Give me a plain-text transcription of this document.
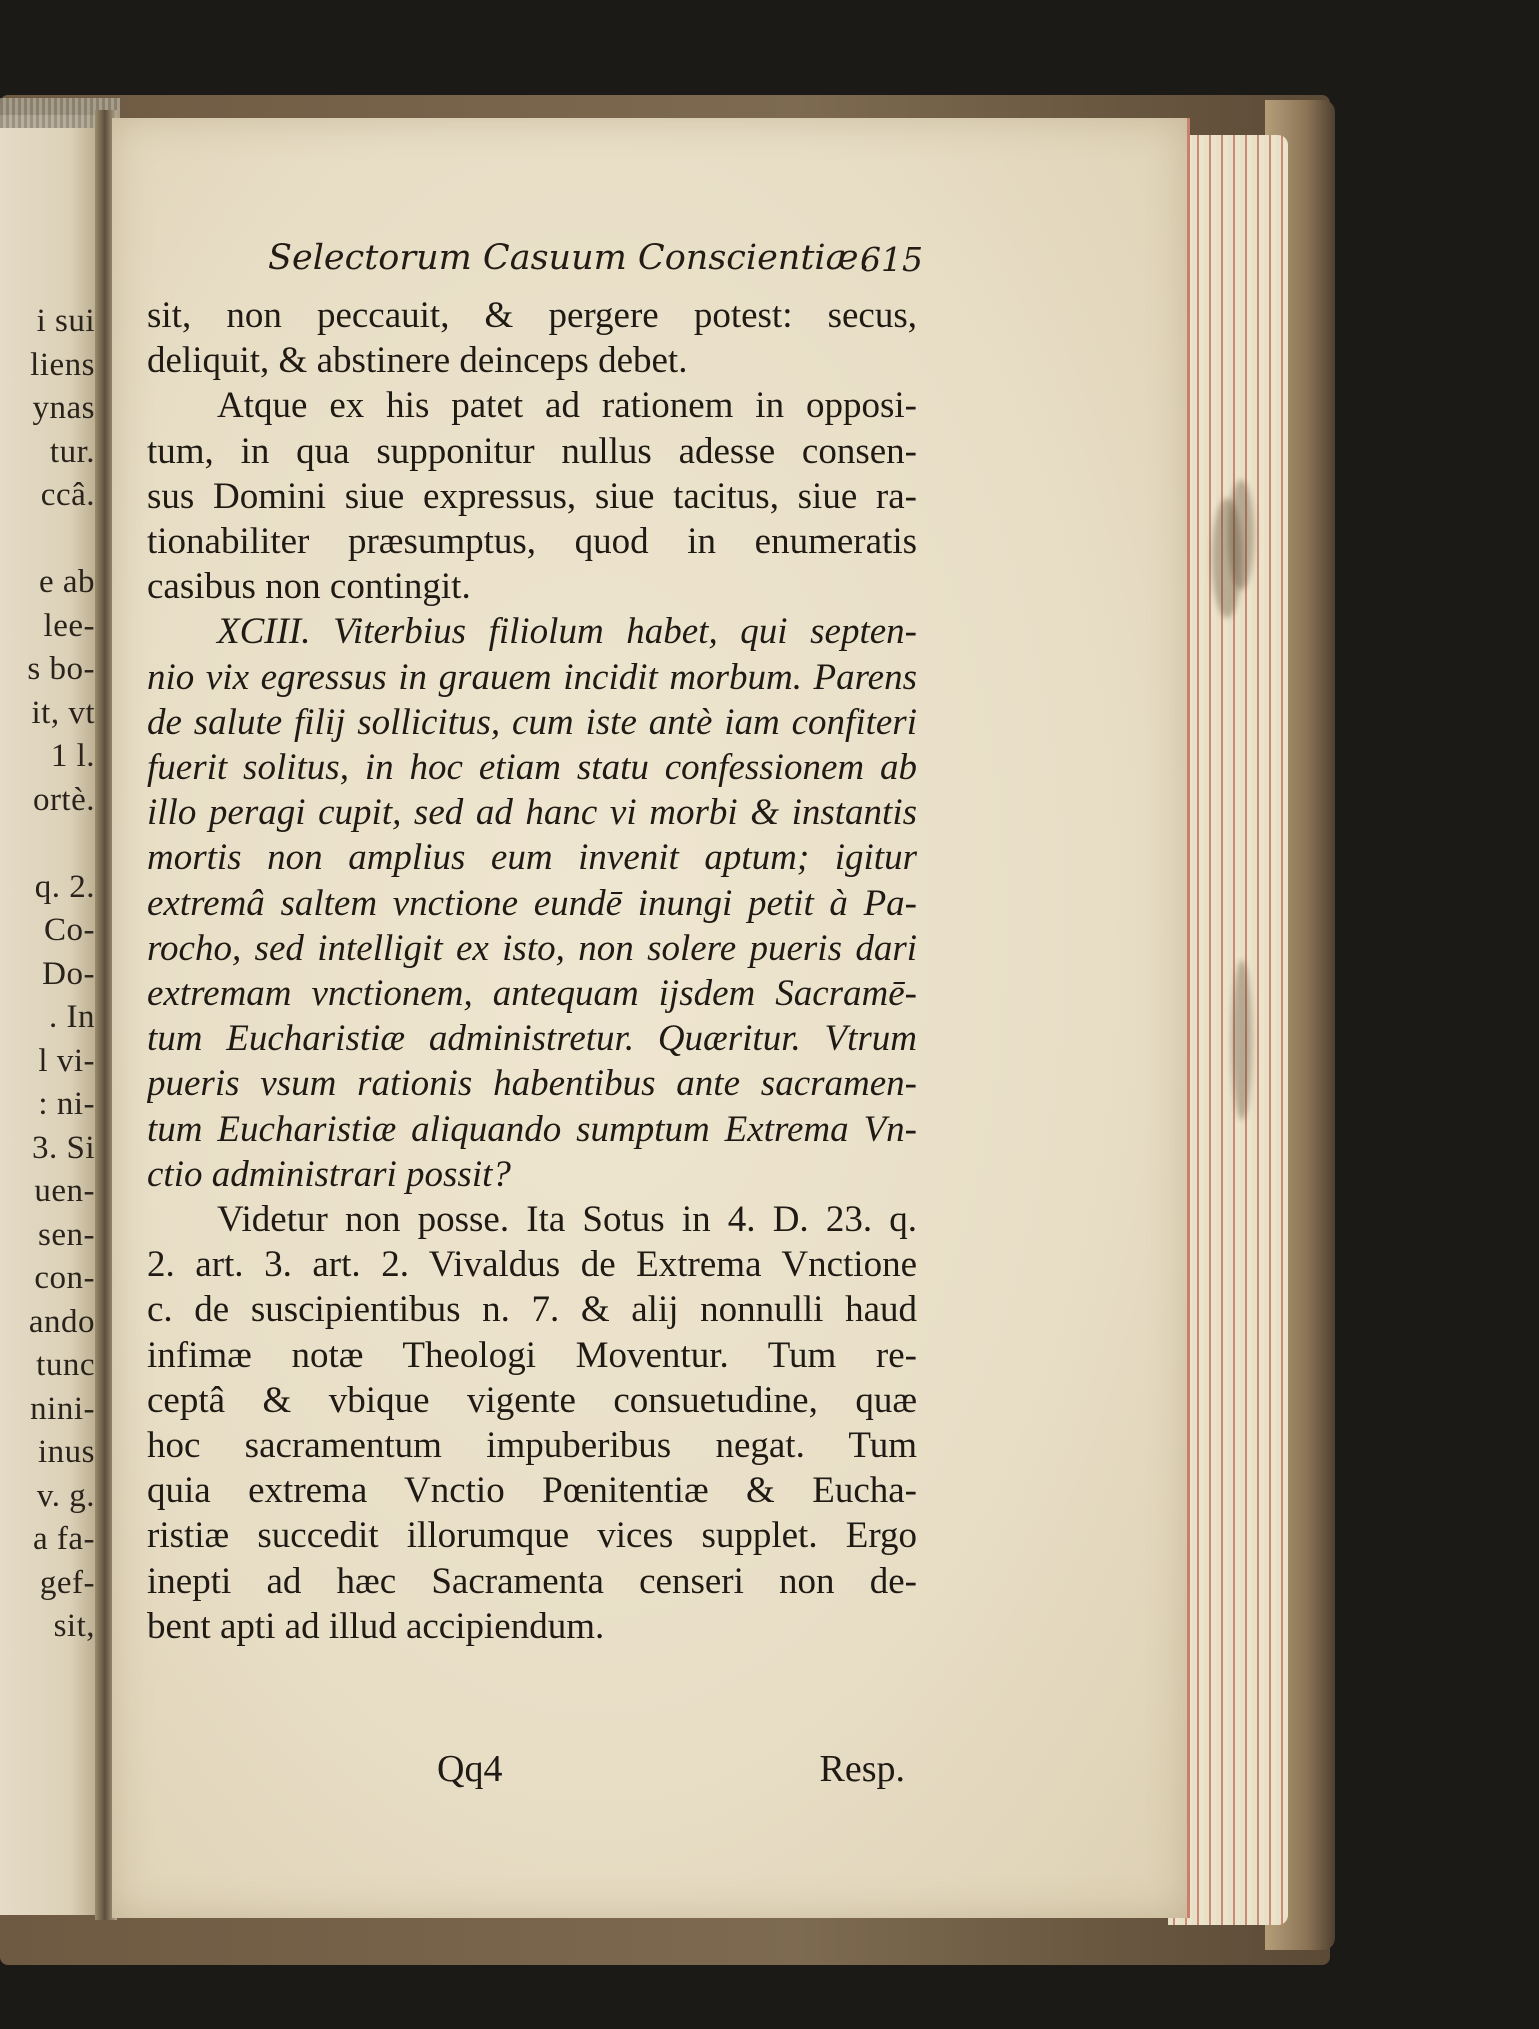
i sui
liens
ynas
tur.
ccâ.

e ab
lee-
s bo-
it, vt
1 l.
ortè.

q. 2.
Co-
Do-
. In
l vi-
: ni-
3. Si
uen-
sen-
con-
ando
tunc
nini-
inus
v. g.
a fa-
gef-
sit,
Selectorum Casuum Conscientiæ.
615
sit, non peccauit, & pergere potest: secus,
deliquit, & abstinere deinceps debet.
Atque ex his patet ad rationem in opposi-
tum, in qua supponitur nullus adesse consen-
sus Domini siue expressus, siue tacitus, siue ra-
tionabiliter præsumptus, quod in enumeratis
casibus non contingit.
XCIII. Viterbius filiolum habet, qui septen-
nio vix egressus in grauem incidit morbum. Parens
de salute filij sollicitus, cum iste antè iam confiteri
fuerit solitus, in hoc etiam statu confessionem ab
illo peragi cupit, sed ad hanc vi morbi & instantis
mortis non amplius eum invenit aptum; igitur
extremâ saltem vnctione eundē inungi petit à Pa-
rocho, sed intelligit ex isto, non solere pueris dari
extremam vnctionem, antequam ijsdem Sacramē-
tum Eucharistiæ administretur. Quæritur. Vtrum
pueris vsum rationis habentibus ante sacramen-
tum Eucharistiæ aliquando sumptum Extrema Vn-
ctio administrari possit?
Videtur non posse. Ita Sotus in 4. D. 23. q.
2. art. 3. art. 2. Vivaldus de Extrema Vnctione
c. de suscipientibus n. 7. & alij nonnulli haud
infimæ notæ Theologi Moventur. Tum re-
ceptâ & vbique vigente consuetudine, quæ
hoc sacramentum impuberibus negat. Tum
quia extrema Vnctio Pœnitentiæ & Eucha-
ristiæ succedit illorumque vices supplet. Ergo
inepti ad hæc Sacramenta censeri non de-
bent apti ad illud accipiendum.
Qq4	Resp.
